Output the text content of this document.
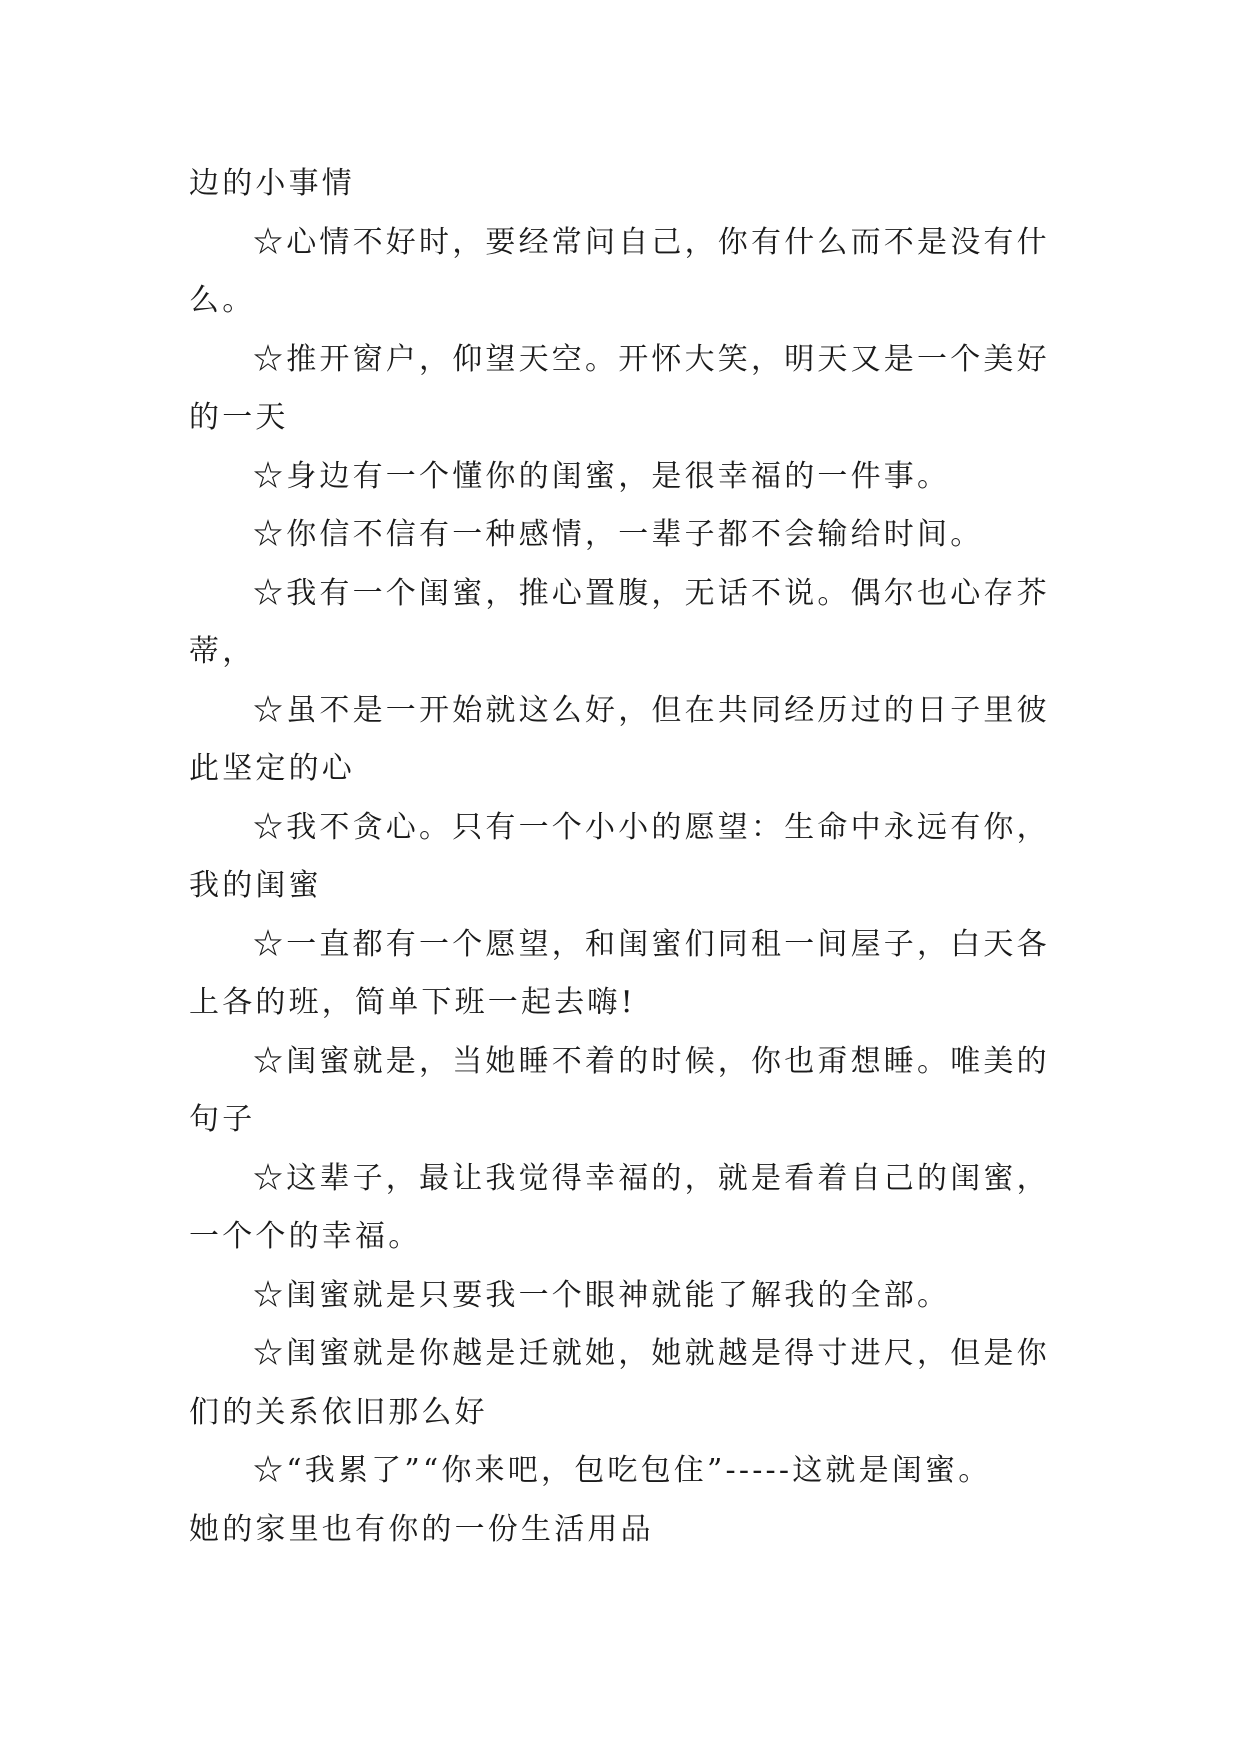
边的小事情
☆心情不好时，要经常问自己，你有什么而不是没有什
么。
☆推开窗户，仰望天空。开怀大笑，明天又是一个美好
的一天
☆身边有一个懂你的闺蜜，是很幸福的一件事。
☆你信不信有一种感情，一辈子都不会输给时间。
☆我有一个闺蜜，推心置腹，无话不说。偶尔也心存芥
蒂，
☆虽不是一开始就这么好，但在共同经历过的日子里彼
此坚定的心
☆我不贪心。只有一个小小的愿望：生命中永远有你，
我的闺蜜
☆一直都有一个愿望，和闺蜜们同租一间屋子，白天各
上各的班，简单下班一起去嗨!
☆闺蜜就是，当她睡不着的时候，你也甭想睡。唯美的
句子
☆这辈子，最让我觉得幸福的，就是看着自己的闺蜜，
一个个的幸福。
☆闺蜜就是只要我一个眼神就能了解我的全部。
☆闺蜜就是你越是迁就她，她就越是得寸进尺，但是你
们的关系依旧那么好
☆“我累了”“你来吧，包吃包住”-----这就是闺蜜。
她的家里也有你的一份生活用品
